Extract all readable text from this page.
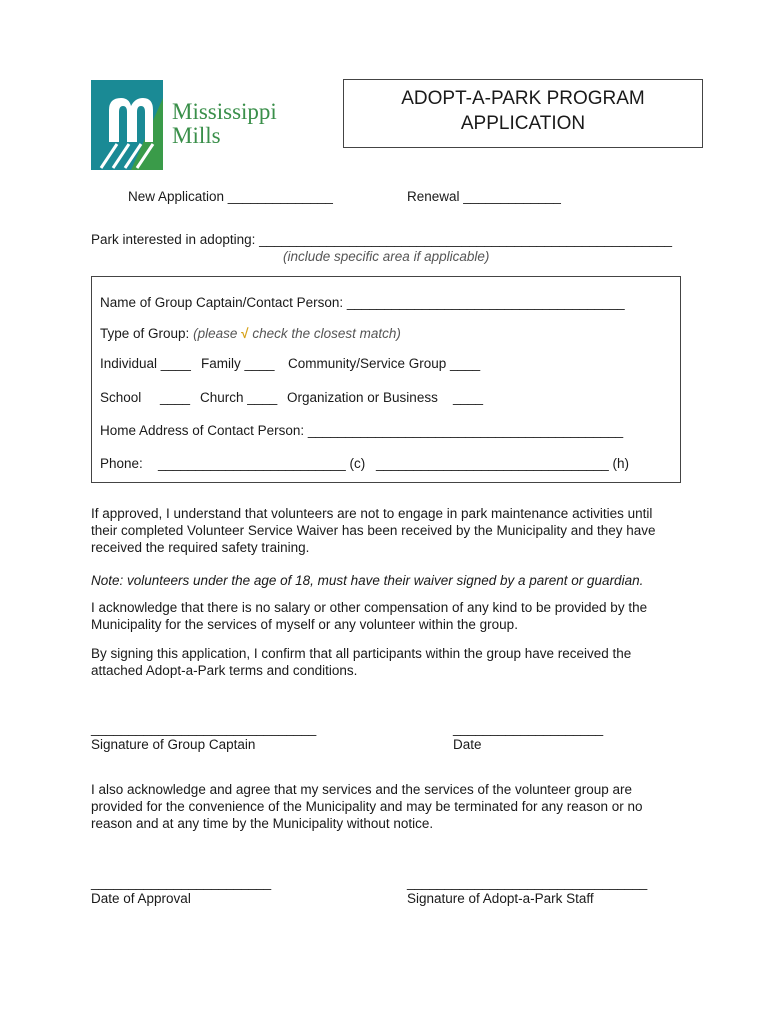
Mississippi
Mills
ADOPT-A-PARK PROGRAM
APPLICATION
New Application ______________	Renewal _____________
Park interested in adopting: _______________________________________________________
(include specific area if applicable)
Name of Group Captain/Contact Person: _____________________________________
Type of Group: (please √ check the closest match)
Individual ____ Family ____ Community/Service Group ____
School ____ Church ____ Organization or Business ____
Home Address of Contact Person: __________________________________________
Phone: _________________________ (c) _______________________________ (h)
If approved, I understand that volunteers are not to engage in park maintenance activities until their completed Volunteer Service Waiver has been received by the Municipality and they have received the required safety training.
Note: volunteers under the age of 18, must have their waiver signed by a parent or guardian.
I acknowledge that there is no salary or other compensation of any kind to be provided by the Municipality for the services of myself or any volunteer within the group.
By signing this application, I confirm that all participants within the group have received the attached Adopt-a-Park terms and conditions.
______________________________
Signature of Group Captain
____________________
Date
I also acknowledge and agree that my services and the services of the volunteer group are provided for the convenience of the Municipality and may be terminated for any reason or no reason and at any time by the Municipality without notice.
________________________
Date of Approval
________________________________
Signature of Adopt-a-Park Staff
